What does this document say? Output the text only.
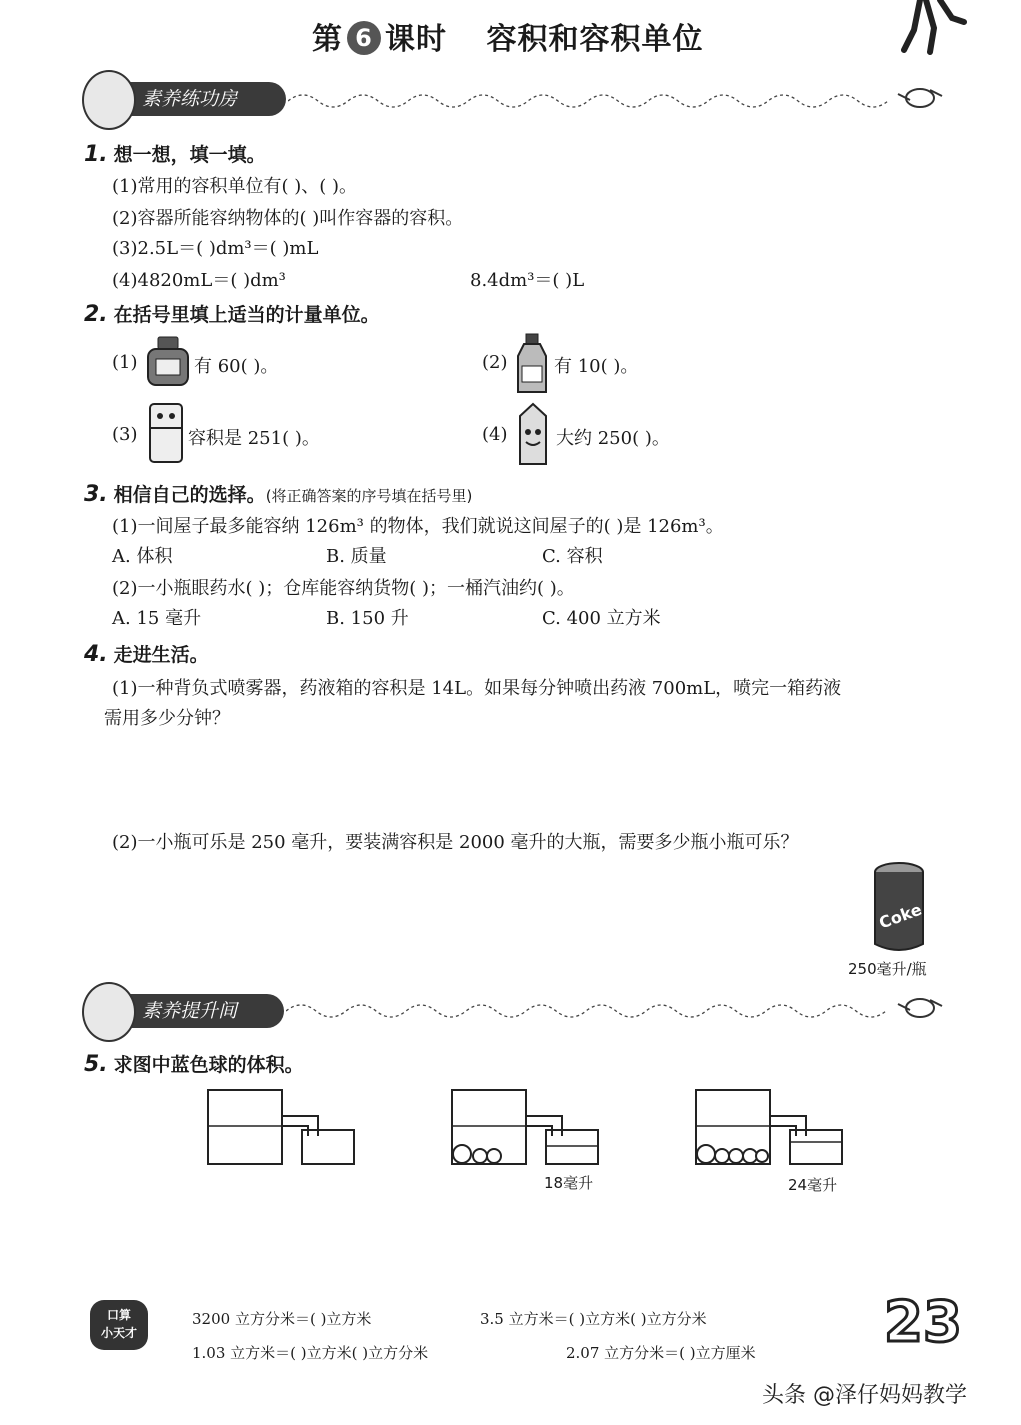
第 6 课时 容积和容积单位
素养练功房
1. 想一想，填一填。
(1)常用的容积单位有( )、( )。
(2)容器所能容纳物体的( )叫作容器的容积。
(3)2.5L＝( )dm³＝( )mL
(4)4820mL＝( )dm³	8.4dm³＝( )L
2. 在括号里填上适当的计量单位。
(1)	有 60( )。	(2)	有 10( )。
(3)	容积是 251( )。	(4)	大约 250( )。
3. 相信自己的选择。(将正确答案的序号填在括号里)
(1)一间屋子最多能容纳 126m³ 的物体，我们就说这间屋子的( )是 126m³。
A. 体积	B. 质量	C. 容积
(2)一小瓶眼药水( )；仓库能容纳货物( )；一桶汽油约( )。
A. 15 毫升	B. 150 升	C. 400 立方米
4. 走进生活。
(1)一种背负式喷雾器，药液箱的容积是 14L。如果每分钟喷出药液 700mL，喷完一箱药液
需用多少分钟？
(2)一小瓶可乐是 250 毫升，要装满容积是 2000 毫升的大瓶，需要多少瓶小瓶可乐？
Coke
250毫升/瓶
素养提升间
5. 求图中蓝色球的体积。
18毫升	24毫升
口算
小天才
3200 立方分米＝( )立方米	3.5 立方米＝( )立方米( )立方分米
1.03 立方米＝( )立方米( )立方分米	2.07 立方分米＝( )立方厘米 23
头条 @泽仔妈妈教学
